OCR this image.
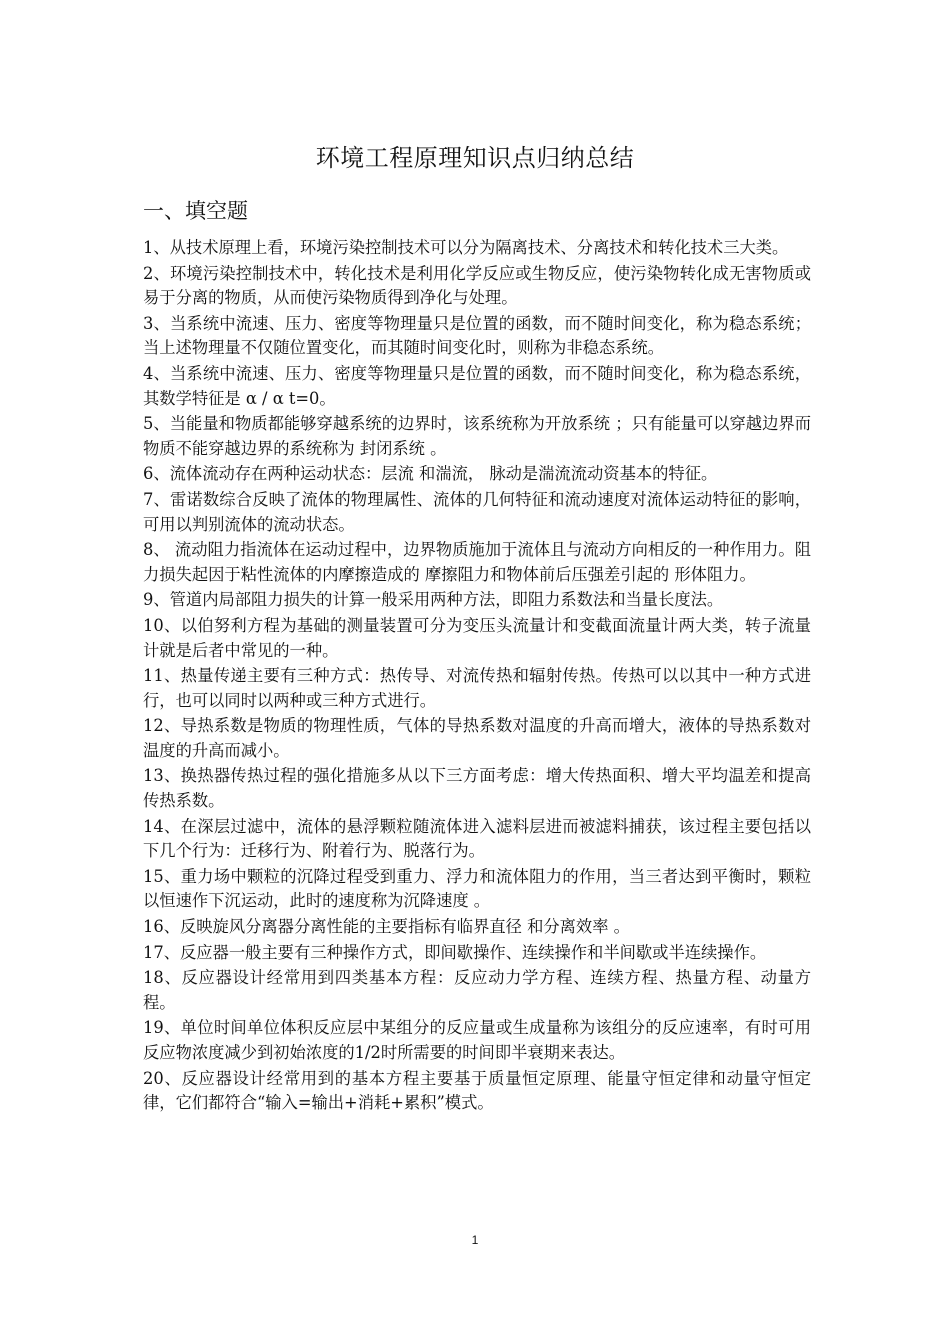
环境工程原理知识点归纳总结
一、填空题

1、从技术原理上看，环境污染控制技术可以分为隔离技术、分离技术和转化技术三大类。

2、环境污染控制技术中，转化技术是利用化学反应或生物反应，使污染物转化成无害物质或易于分离的物质，从而使污染物质得到净化与处理。

3、当系统中流速、压力、密度等物理量只是位置的函数，而不随时间变化，称为稳态系统；当上述物理量不仅随位置变化，而其随时间变化时，则称为非稳态系统。

4、当系统中流速、压力、密度等物理量只是位置的函数，而不随时间变化，称为稳态系统，其数学特征是 α / α t=0。

5、当能量和物质都能够穿越系统的边界时，该系统称为开放系统 ；只有能量可以穿越边界而物质不能穿越边界的系统称为 封闭系统 。

6、流体流动存在两种运动状态：层流 和湍流， 脉动是湍流流动资基本的特征。

7、雷诺数综合反映了流体的物理属性、流体的几何特征和流动速度对流体运动特征的影响，可用以判别流体的流动状态。

8、 流动阻力指流体在运动过程中，边界物质施加于流体且与流动方向相反的一种作用力。阻力损失起因于粘性流体的内摩擦造成的 摩擦阻力和物体前后压强差引起的 形体阻力。

9、管道内局部阻力损失的计算一般采用两种方法，即阻力系数法和当量长度法。

10、以伯努利方程为基础的测量装置可分为变压头流量计和变截面流量计两大类，转子流量计就是后者中常见的一种。

11、热量传递主要有三种方式：热传导、对流传热和辐射传热。传热可以以其中一种方式进行，也可以同时以两种或三种方式进行。

12、导热系数是物质的物理性质，气体的导热系数对温度的升高而增大，液体的导热系数对温度的升高而减小。

13、换热器传热过程的强化措施多从以下三方面考虑：增大传热面积、增大平均温差和提高传热系数。

14、在深层过滤中，流体的悬浮颗粒随流体进入滤料层进而被滤料捕获，该过程主要包括以下几个行为：迁移行为、附着行为、脱落行为。

15、重力场中颗粒的沉降过程受到重力、浮力和流体阻力的作用，当三者达到平衡时，颗粒以恒速作下沉运动，此时的速度称为沉降速度 。

16、反映旋风分离器分离性能的主要指标有临界直径 和分离效率 。

17、反应器一般主要有三种操作方式，即间歇操作、连续操作和半间歇或半连续操作。

18、反应器设计经常用到四类基本方程：反应动力学方程、连续方程、热量方程、动量方程。

19、单位时间单位体积反应层中某组分的反应量或生成量称为该组分的反应速率，有时可用反应物浓度减少到初始浓度的1/2时所需要的时间即半衰期来表达。

20、反应器设计经常用到的基本方程主要基于质量恒定原理、能量守恒定律和动量守恒定律，它们都符合“输入=输出+消耗+累积”模式。

1
